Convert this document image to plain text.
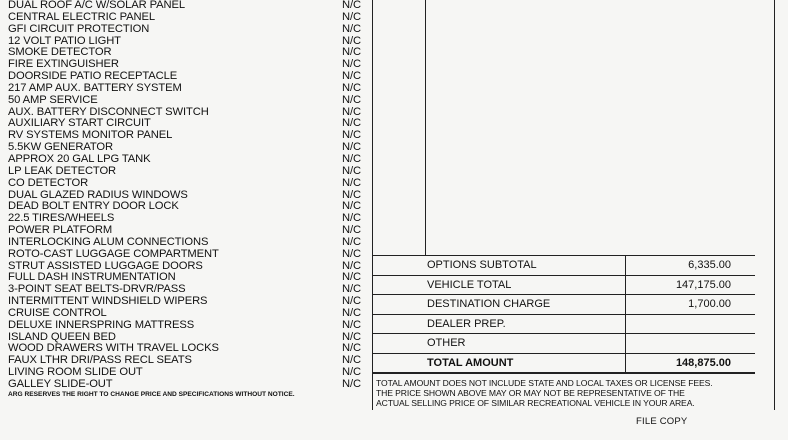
DUAL ROOF A/C W/SOLAR PANEL	N/C
CENTRAL ELECTRIC PANEL	N/C
GFI CIRCUIT PROTECTION	N/C
12 VOLT PATIO LIGHT	N/C
SMOKE DETECTOR	N/C
FIRE EXTINGUISHER	N/C
DOORSIDE PATIO RECEPTACLE	N/C
217 AMP AUX. BATTERY SYSTEM	N/C
50 AMP SERVICE	N/C
AUX. BATTERY DISCONNECT SWITCH	N/C
AUXILIARY START CIRCUIT	N/C
RV SYSTEMS MONITOR PANEL	N/C
5.5KW GENERATOR	N/C
APPROX 20 GAL LPG TANK	N/C
LP LEAK DETECTOR	N/C
CO DETECTOR	N/C
DUAL GLAZED RADIUS WINDOWS	N/C
DEAD BOLT ENTRY DOOR LOCK	N/C
22.5 TIRES/WHEELS	N/C
POWER PLATFORM	N/C
INTERLOCKING ALUM CONNECTIONS	N/C
ROTO-CAST LUGGAGE COMPARTMENT	N/C
STRUT ASSISTED LUGGAGE DOORS	N/C
FULL DASH INSTRUMENTATION	N/C
3-POINT SEAT BELTS-DRVR/PASS	N/C
INTERMITTENT WINDSHIELD WIPERS	N/C
CRUISE CONTROL	N/C
DELUXE INNERSPRING MATTRESS	N/C
ISLAND QUEEN BED	N/C
WOOD DRAWERS WITH TRAVEL LOCKS	N/C
FAUX LTHR DRI/PASS RECL SEATS	N/C
LIVING ROOM SLIDE OUT	N/C
GALLEY SLIDE-OUT	N/C
ARG RESERVES THE RIGHT TO CHANGE PRICE AND SPECIFICATIONS WITHOUT NOTICE.
OPTIONS SUBTOTAL	6,335.00
VEHICLE TOTAL	147,175.00
DESTINATION CHARGE	1,700.00
DEALER PREP.
OTHER
TOTAL AMOUNT	148,875.00
TOTAL AMOUNT DOES NOT INCLUDE STATE AND LOCAL TAXES OR LICENSE FEES.
THE PRICE SHOWN ABOVE MAY OR MAY NOT BE REPRESENTATIVE OF THE
ACTUAL SELLING PRICE OF SIMILAR RECREATIONAL VEHICLE IN YOUR AREA.
FILE COPY
